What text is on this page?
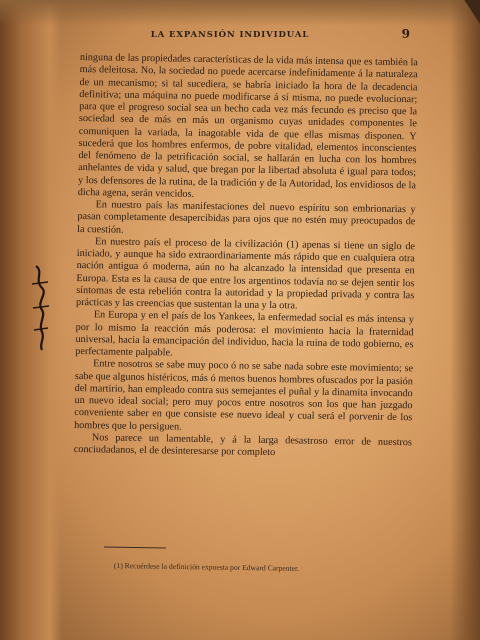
LA EXPANSIÓN INDIVIDUAL	9

ninguna de las propiedades características de la vida más intensa que es también la más deleitosa. No, la sociedad no puede acercarse indefinidamente á la naturaleza de un mecanismo; si tal sucediera, se habría iniciado la hora de la decadencia definitiva; una máquina no puede modificarse á sí misma, no puede evolucionar; para que el progreso social sea un hecho cada vez más fecundo es preciso que la sociedad sea de más en más un organismo cuyas unidades componentes le comuniquen la variada, la inagotable vida de que ellas mismas disponen. Y sucederá que los hombres enfermos, de pobre vitalidad, elementos inconscientes del fenómeno de la petrificación social, se hallarán en lucha con los hombres anhelantes de vida y salud, que bregan por la libertad absoluta é igual para todos; y los defensores de la rutina, de la tradición y de la Autoridad, los envidiosos de la dicha agena, serán vencidos.

En nuestro país las manifestaciones del nuevo espíritu son embrionarias y pasan completamente desapercibidas para ojos que no estén muy preocupados de la cuestión.

En nuestro país el proceso de la civilización (1) apenas si tiene un siglo de iniciado, y aunque ha sido extraordinariamente más rápido que en cualquiera otra nación antigua ó moderna, aún no ha alcanzado la intensidad que presenta en Europa. Esta es la causa de que entre los argentinos todavía no se dejen sentir los síntomas de esta rebelión contra la autoridad y la propiedad privada y contra las prácticas y las creencias que sustentan la una y la otra.

En Europa y en el país de los Yankees, la enfermedad social es más intensa y por lo mismo la reacción más poderosa: el movimiento hacia la fraternidad universal, hacia la emancipación del individuo, hacia la ruina de todo gobierno, es perfectamente palpable.

Entre nosotros se sabe muy poco ó no se sabe nada sobre este movimiento; se sabe que algunos histéricos, más ó menos buenos hombres ofuscados por la pasión del martirio, han empleado contra sus semejantes el puñal y la dinamita invocando un nuevo ideal social; pero muy pocos entre nosotros son los que han juzgado conveniente saber en que consiste ese nuevo ideal y cual será el porvenir de los hombres que lo persiguen.

Nos parece un lamentable, y á la larga desastroso error de nuestros conciudadanos, el de desinteresarse por completo

(1) Recuérdese la definición expuesta por Edward Carpenter.
